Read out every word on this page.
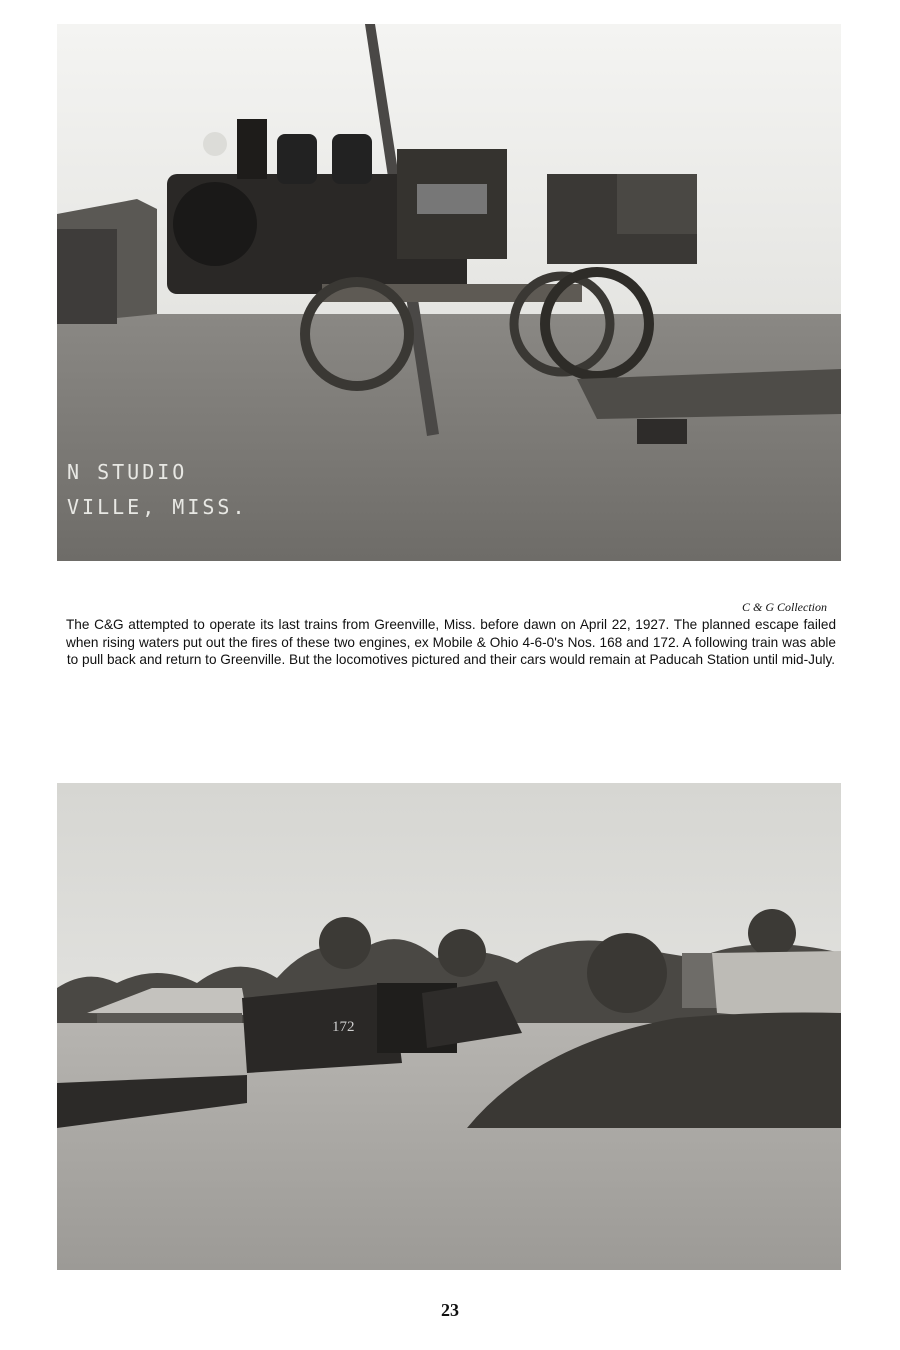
N STUDIO
VILLE, MISS.
C & G Collection
The C&G attempted to operate its last trains from Greenville, Miss. before dawn on April 22, 1927. The planned escape failed when rising waters put out the fires of these two engines, ex Mobile & Ohio 4-6-0's Nos. 168 and 172. A following train was able to pull back and return to Greenville. But the locomotives pictured and their cars would remain at Paducah Station until mid-July.
172
23
